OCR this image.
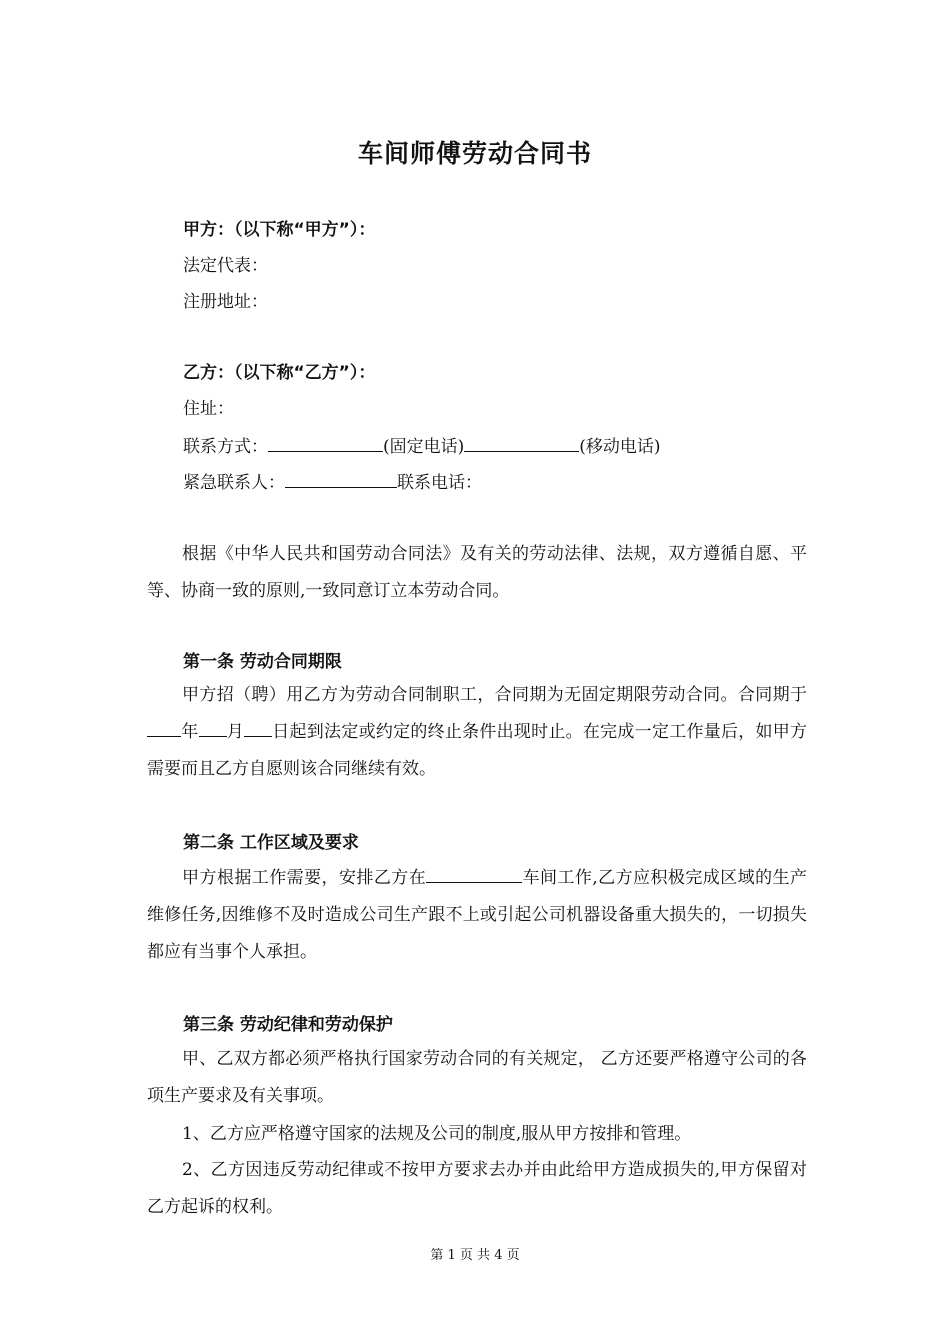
车间师傅劳动合同书
甲方：（以下称“甲方”）：
法定代表：
注册地址：
乙方：（以下称“乙方”）：
住址：
联系方式：	(固定电话)	(移动电话)
紧急联系人：	联系电话：
根据《中华人民共和国劳动合同法》及有关的劳动法律、法规，双方遵循自愿、平等、协商一致的原则,一致同意订立本劳动合同。
第一条 劳动合同期限
甲方招（聘）用乙方为劳动合同制职工，合同期为无固定期限劳动合同。合同期于年 月 日起到法定或约定的终止条件出现时止。在完成一定工作量后，如甲方需要而且乙方自愿则该合同继续有效。
第二条 工作区域及要求
甲方根据工作需要，安排乙方在	车间工作,乙方应积极完成区域的生产维修任务,因维修不及时造成公司生产跟不上或引起公司机器设备重大损失的，一切损失都应有当事个人承担。
第三条 劳动纪律和劳动保护
甲、乙双方都必须严格执行国家劳动合同的有关规定， 乙方还要严格遵守公司的各项生产要求及有关事项。
1、乙方应严格遵守国家的法规及公司的制度,服从甲方按排和管理。
2、乙方因违反劳动纪律或不按甲方要求去办并由此给甲方造成损失的,甲方保留对乙方起诉的权利。
第 1 页 共 4 页
